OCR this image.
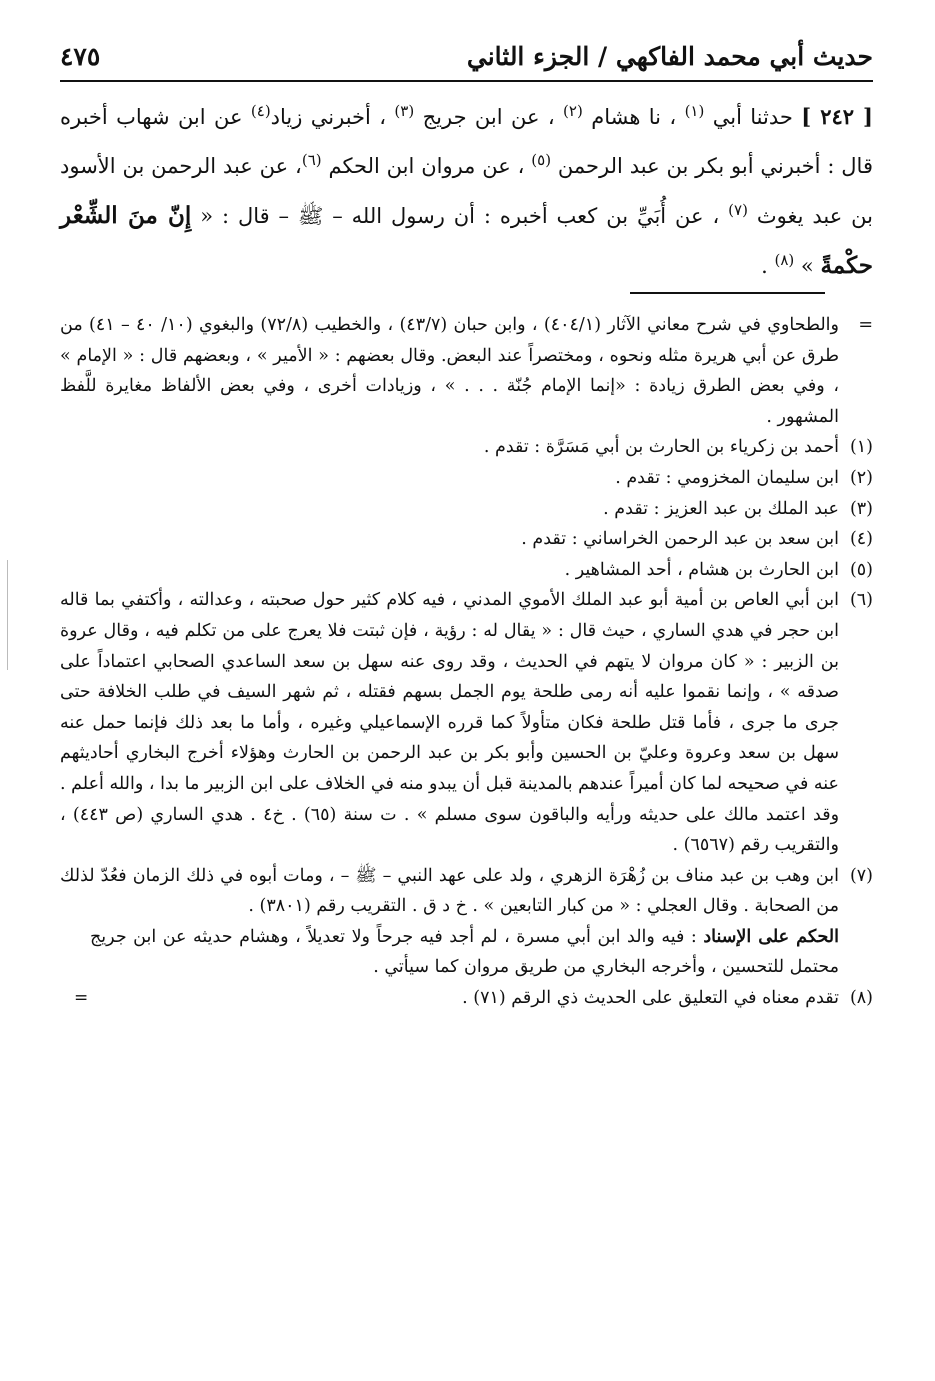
حديث أبي محمد الفاكهي / الجزء الثاني
٤٧٥
[ ٢٤٢ ] حدثنا أبي $^{(١)}$ ، نا هشام $^{(٢)}$ ، عن ابن جريج $^{(٣)}$ ، أخبرني زياد$^{(٤)}$ عن ابن شهاب أخبره قال : أخبرني أبو بكر بن عبد الرحمن $^{(٥)}$ ، عن مروان ابن الحكم $^{(٦)}$، عن عبد الرحمن بن الأسود بن عبد يغوث $^{(٧)}$ ، عن أُبَيِّ بن كعب أخبره : أن رسول الله – ﷺ – قال : « إِنّ منَ الشِّعْر حكْمةً » $^{(٨)}$ .
=
والطحاوي في شرح معاني الآثار (٤٠٤/١) ، وابن حبان (٤٣/٧) ، والخطيب (٧٢/٨) والبغوي (١٠/ ٤٠ – ٤١) من طرق عن أبي هريرة مثله ونحوه ، ومختصراً عند البعض. وقال بعضهم : « الأمير » ، وبعضهم قال : « الإمام » ، وفي بعض الطرق زيادة : «إنما الإمام جُنّة . . . » ، وزيادات أخرى ، وفي بعض الألفاظ مغايرة للَّفظ المشهور .
(١)
أحمد بن زكرياء بن الحارث بن أبي مَسَرَّة : تقدم .
(٢)
ابن سليمان المخزومي : تقدم .
(٣)
عبد الملك بن عبد العزيز : تقدم .
(٤)
ابن سعد بن عبد الرحمن الخراساني : تقدم .
(٥)
ابن الحارث بن هشام ، أحد المشاهير .
(٦)
ابن أبي العاص بن أمية أبو عبد الملك الأموي المدني ، فيه كلام كثير حول صحبته ، وعدالته ، وأكتفي بما قاله ابن حجر في هدي الساري ، حيث قال : « يقال له : رؤية ، فإن ثبتت فلا يعرج على من تكلم فيه ، وقال عروة بن الزبير : « كان مروان لا يتهم في الحديث ، وقد روى عنه سهل بن سعد الساعدي الصحابي اعتماداً على صدقه » ، وإنما نقموا عليه أنه رمى طلحة يوم الجمل بسهم فقتله ، ثم شهر السيف في طلب الخلافة حتى جرى ما جرى ، فأما قتل طلحة فكان متأولاً كما قرره الإسماعيلي وغيره ، وأما ما بعد ذلك فإنما حمل عنه سهل بن سعد وعروة وعليّ بن الحسين وأبو بكر بن عبد الرحمن بن الحارث وهؤلاء أخرج البخاري أحاديثهم عنه في صحيحه لما كان أميراً عندهم بالمدينة قبل أن يبدو منه في الخلاف على ابن الزبير ما بدا ، والله أعلم . وقد اعتمد مالك على حديثه ورأيه والباقون سوى مسلم » . ت سنة (٦٥) . خ٤ . هدي الساري (ص ٤٤٣) ، والتقريب رقم (٦٥٦٧) .
(٧)
ابن وهب بن عبد مناف بن زُهْرَة الزهري ، ولد على عهد النبي – ﷺ – ، ومات أبوه في ذلك الزمان فعُدّ لذلك من الصحابة . وقال العجلي : « من كبار التابعين » . خ د ق . التقريب رقم (٣٨٠١) .
الحكم على الإسناد : فيه والد ابن أبي مسرة ، لم أجد فيه جرحاً ولا تعديلاً ، وهشام حديثه عن ابن جريج محتمل للتحسين ، وأخرجه البخاري من طريق مروان كما سيأتي .
(٨)
تقدم معناه في التعليق على الحديث ذي الرقم (٧١) .
=
